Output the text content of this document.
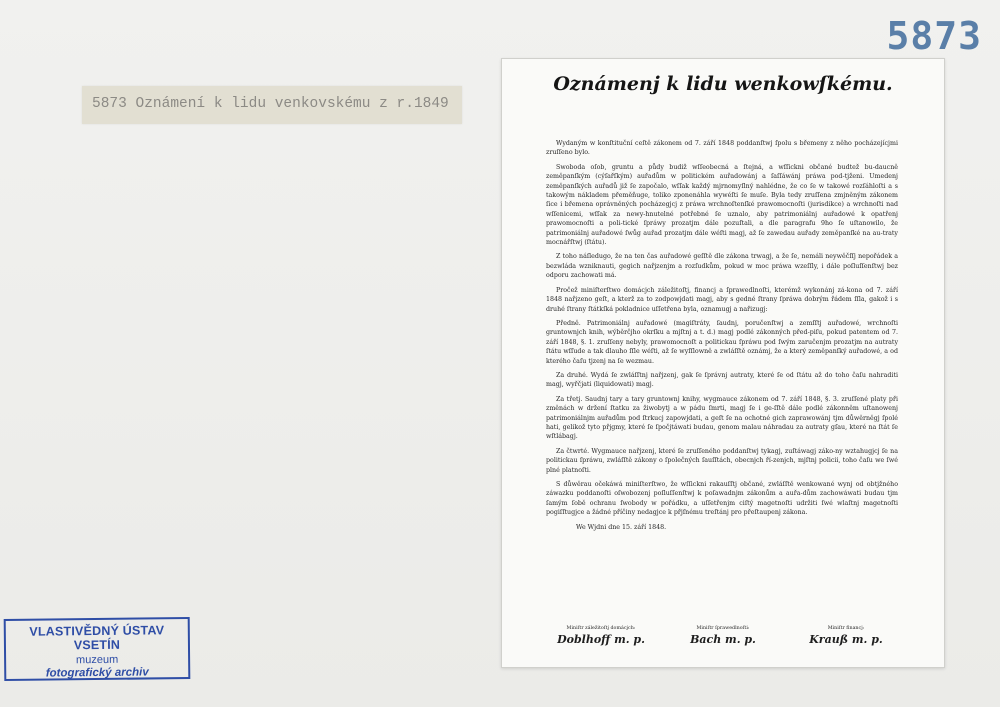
5873
5873 Oznámení k lidu venkovskému z r.1849
VLASTIVĚDNÝ ÚSTAV VSETÍN
muzeum
fotografický archiv
Oznámenj k lidu wenkowſkému.

Wydaným w konſtituční ceſtě zákonem od 7. září 1848 poddanſtwj ſpolu s břemeny z něho pocházejícjmi zruſſeno bylo.

Swoboda oſob, gruntu a půdy budiž wſſeobecná a ſtejná, a wſſickni občané budtež bu-daucně zeměpanſkým (cýſařſkým) auřadům w politickém auřadowánj a ſaſſáwánj práwa pod-tjženi. Umedenj zeměpanſkých auřadů již ſe započalo, wſſak každý mjrnomyſlný nahlédne, že co ſe w takowé rozſáhloſti a s takowým nákladem přeměňuge, toliko zponenáhla wywéſti ſe muſe. Byla tedy zruſſena zmjněným zákonem ſice i břemena oprávněných pocházegjcj z práwa wrchnoſtenſké prawomocnoſti (jurisdikce) a wrchnoſti nad wſſenicemi, wſſak za newy-hnutelné potřebné ſe uznalo, aby patrimoniálnj auřadowé k opatřenj prawomocnoſti a poli-tické ſpráwy prozatjm dále pozuſtali, a dle paragrafu 9ho ſe uſtanowilo, že patrimoniálnj auřadowé ſwůg auřad prozatjm dále wéſti magj, až ſe zawedau auřady zeměpanſké na au-traty mocnářſtwj (ſtátu).

Z toho náſledugo, že na ten čas auřadowé geſſtě dle zákona trwagj, a že ſe, nemáli neywěčſſj nepořádek a bezwláda wzniknauti, gegich nařjzenjm a rozſudkům, pokud w moc práwa wzeſſly, i dále poſluſſenſtwj bez odporu zachowati má.

Pročež miniſterſtwo domácjch záležitoſtj, financj a ſprawedlnoſti, kterémž wykonánj zá-kona od 7. září 1848 nařjzeno geſt, a kterž za to zodpowjdati magj, aby s gedné ſtrany ſpráwa dobrým řádem ſſla, gakož i s druhé ſtrany ſtátkſká pokladnice uſſetřena byla, oznamugj a nařizugj:

Předně. Patrimoniálnj auřadowé (magiſtráty, ſaudnj, poručenſtwj a zemſſtj auřadowé, wrchnoſti gruntownjch knih, wýběrčjho okrſku a mjſtnj a t. d.) magj podlé zákonných před-piſu, pokud patentem od 7. září 1848, §. 1. zruſſeny nebyly, prawomocnoſt a politickau ſpráwu pod ſwým zaručenjm prozatjm na autraty ſtátu wſſude a tak dlauho ſſle wéſti, až ſe wyſſlowně a zwláſſtě oznámj, že a který zeměpanſký auřadowé, a od kterého čaſu tjzenj na ſe wezmau.

Za druhé. Wydá ſe zwláſſtnj nařjzenj, gak ſe ſprávnj autraty, které ſe od ſtátu až do toho čaſu nahraditi magj, wyřčjati (liquidowati) magj.

Za třetj. Saudnj tary a tary gruntownj knihy, wygmauce zákonem od 7. září 1848, §. 3. zruſſené platy při změnách w držení ſtatku za žiwobytj a w pádu ſmrti, magj ſe i ge-ſſtě dále podlé zákonněm uſtanowenj patrimoniálnjm auřadům pod ſtrkucj zapowjdati, a geſt ſe na ochotné gich zaprawowánj tjm důwěrněgj ſpolé hati, gelikož tyto přjgmy, které ſe ſpočjtáwati budau, genom malau náhradau za autraty gſau, které na ſtát ſe wſtlábagj.

Za čtwrté. Wygmauce nařjzenj, které ſe zruſſeného poddanſtwj tykagj, zuſtáwagj záko-ny wztahugjcj ſe na politickau ſpráwu, zwláſſtě zákony o ſpolečných ſauſſtách, obecnjch ří-zenjch, mjſtnj policii, toho čaſu we ſwé plné platnoſti.

S důwěrau očekáwá miniſterſtwo, že wſſickni rakauſſtj občané, zwláſſtě wenkowané wynj od obtjžného záwazku poddanoſti oſwobozenj poſluſſenſtwj k poſawadnjm zákonům a auřa-dům zachowáwati budau tjm ſamým ſobě ochranu ſwobody w pořádku, a uſſetřenjm ciſtý magetnoſti udržiti ſwé wlaſtnj magetnoſti pogiſſtugjce a žádné příčiny nedagjce k přjſnému treſtánj pro přeſtaupenj zákona.

We Wjdni dne 15. září 1848.

Miniſtr záležitoſtj domácjch:
Doblhoff m. p.
Miniſtr ſprawedlnoſti:
Bach m. p.
Miniſtr financj:
Krauß m. p.
